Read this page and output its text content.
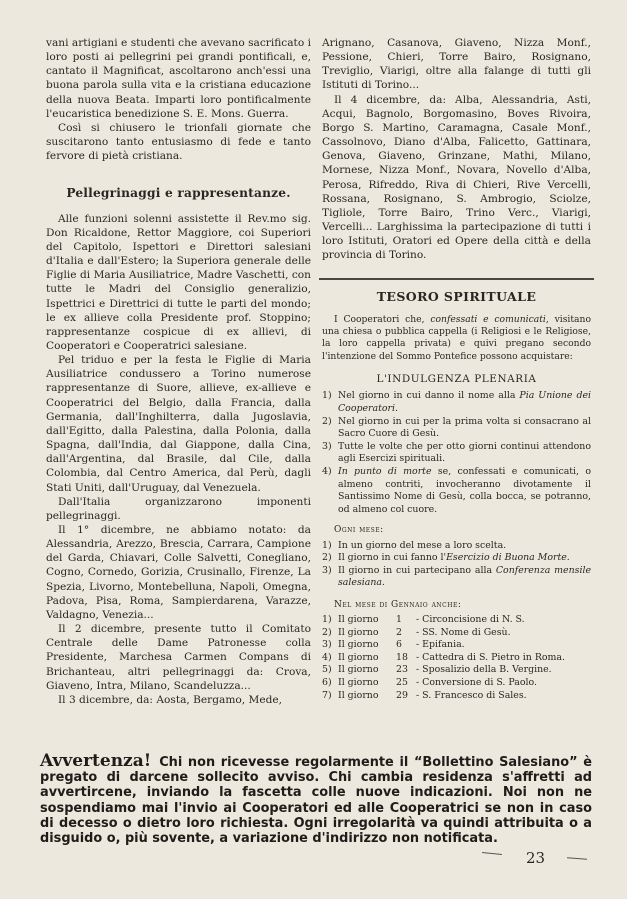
vani artigiani e studenti che avevano sacrificato i loro posti ai pellegrini pei grandi pontificali, e, cantato il Magnificat, ascoltarono anch'essi una buona parola sulla vita e la cristiana educazione della nuova Beata. Imparti loro pontificalmente l'eucaristica benedizione S. E. Mons. Guerra.

Così si chiusero le trionfali giornate che suscitarono tanto entusiasmo di fede e tanto fervore di pietà cristiana.

Pellegrinaggi e rappresentanze.

Alle funzioni solenni assistette il Rev.mo sig. Don Ricaldone, Rettor Maggiore, coi Superiori del Capitolo, Ispettori e Direttori salesiani d'Italia e dall'Estero; la Superiora generale delle Figlie di Maria Ausiliatrice, Madre Vaschetti, con tutte le Madri del Consiglio generalizio, Ispettrici e Direttrici di tutte le parti del mondo; le ex allieve colla Presidente prof. Stoppino; rappresentanze cospicue di ex allievi, di Cooperatori e Cooperatrici salesiane.

Pel triduo e per la festa le Figlie di Maria Ausiliatrice condussero a Torino numerose rappresentanze di Suore, allieve, ex-allieve e Cooperatrici del Belgio, dalla Francia, dalla Germania, dall'Inghilterra, dalla Jugoslavia, dall'Egitto, dalla Palestina, dalla Polonia, dalla Spagna, dall'India, dal Giappone, dalla Cina, dall'Argentina, dal Brasile, dal Cile, dalla Colombia, dal Centro America, dal Perù, dagli Stati Uniti, dall'Uruguay, dal Venezuela.

Dall'Italia organizzarono imponenti pellegrinaggi.

Il 1° dicembre, ne abbiamo notato: da Alessandria, Arezzo, Brescia, Carrara, Campione del Garda, Chiavari, Colle Salvetti, Conegliano, Cogno, Cornedo, Gorizia, Crusinallo, Firenze, La Spezia, Livorno, Montebelluna, Napoli, Omegna, Padova, Pisa, Roma, Sampierdarena, Varazze, Valdagno, Venezia...

Il 2 dicembre, presente tutto il Comitato Centrale delle Dame Patronesse colla Presidente, Marchesa Carmen Compans di Brichanteau, altri pellegrinaggi da: Crova, Giaveno, Intra, Milano, Scandeluzza...

Il 3 dicembre, da: Aosta, Bergamo, Mede,

Arignano, Casanova, Giaveno, Nizza Monf., Pessione, Chieri, Torre Bairo, Rosignano, Treviglio, Viarigi, oltre alla falange di tutti gli Istituti di Torino...

Il 4 dicembre, da: Alba, Alessandria, Asti, Acqui, Bagnolo, Borgomasino, Boves Rivoira, Borgo S. Martino, Caramagna, Casale Monf., Cassolnovo, Diano d'Alba, Falicetto, Gattinara, Genova, Giaveno, Grinzane, Mathi, Milano, Mornese, Nizza Monf., Novara, Novello d'Alba, Perosa, Rifreddo, Riva di Chieri, Rive Vercelli, Rossana, Rosignano, S. Ambrogio, Sciolze, Tigliole, Torre Bairo, Trino Verc., Viarigi, Vercelli... Larghissima la partecipazione di tutti i loro Istituti, Oratori ed Opere della città e della provincia di Torino.

TESORO SPIRITUALE

I Cooperatori che, confessati e comunicati, visitano una chiesa o pubblica cappella (i Religiosi e le Religiose, la loro cappella privata) e quivi pregano secondo l'intenzione del Sommo Pontefice possono acquistare:

L'INDULGENZA PLENARIA
1) Nel giorno in cui danno il nome alla Pia Unione dei Cooperatori.
2) Nel giorno in cui per la prima volta si consacrano al Sacro Cuore di Gesù.
3) Tutte le volte che per otto giorni continui attendono agli Esercizi spirituali.
4) In punto di morte se, confessati e comunicati, o almeno contriti, invocheranno divotamente il Santissimo Nome di Gesù, colla bocca, se potranno, od almeno col cuore.
Ogni mese:
1) In un giorno del mese a loro scelta.
2) Il giorno in cui fanno l'Esercizio di Buona Morte.
3) Il giorno in cui partecipano alla Conferenza mensile salesiana.
Nel mese di Gennaio anche:
1)	Il giorno	1	- Circoncisione di N. S.
2)	Il giorno	2	- SS. Nome di Gesù.
3)	Il giorno	6	- Epifania.
4)	Il giorno	18	- Cattedra di S. Pietro in Roma.
5)	Il giorno	23	- Sposalizio della B. Vergine.
6)	Il giorno	25	- Conversione di S. Paolo.
7)	Il giorno	29	- S. Francesco di Sales.
Avvertenza! Chi non ricevesse regolarmente il “Bollettino Salesiano” è pregato di darcene sollecito avviso. Chi cambia residenza s'affretti ad avvertircene, inviando la fascetta colle nuove indicazioni. Noi non ne sospendiamo mai l'invio ai Cooperatori ed alle Cooperatrici se non in caso di decesso o dietro loro richiesta. Ogni irregolarità va quindi attribuita o a disguido o, più sovente, a variazione d'indirizzo non notificata.
23
